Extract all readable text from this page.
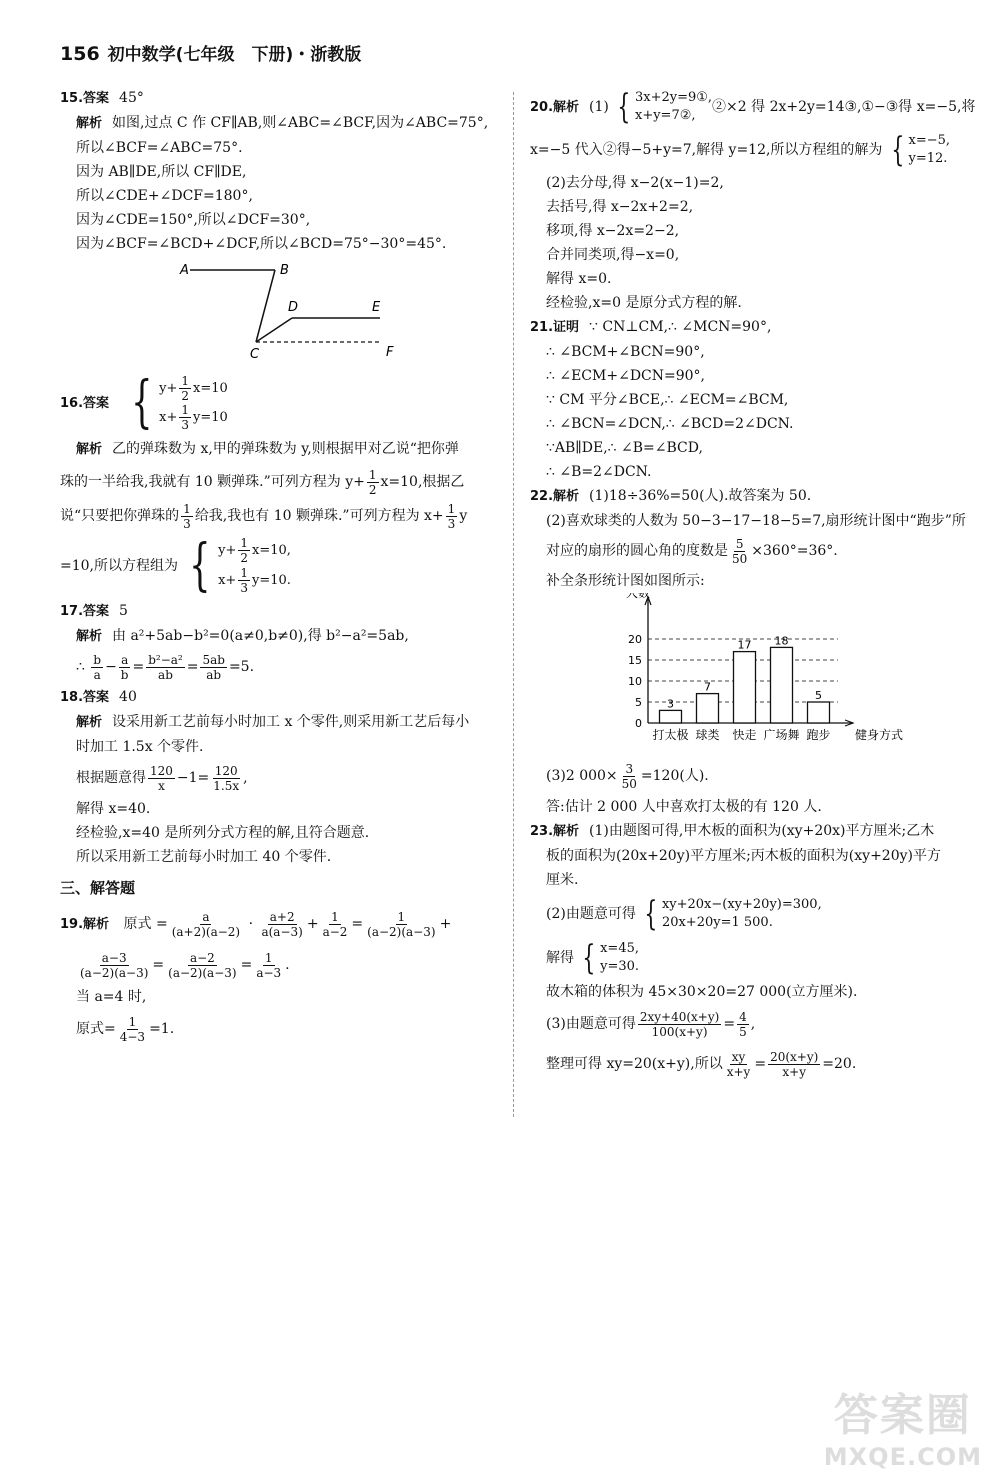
156 初中数学(七年级　下册)・浙教版
15.答案 45°
解析 如图,过点 C 作 CF∥AB,则∠ABC=∠BCF,因为∠ABC=75°,
所以∠BCF=∠ABC=75°.
因为 AB∥DE,所以 CF∥DE,
所以∠CDE+∠DCF=180°,
因为∠CDE=150°,所以∠DCF=30°,
因为∠BCF=∠BCD+∠DCF,所以∠BCD=75°−30°=45°.
A	B
C
D	E
F
16.答案 { $y+ \frac{1}{2} x=10$
$x+ \frac{1}{3} y=10$
解析 乙的弹珠数为 x,甲的弹珠数为 y,则根据甲对乙说“把你弹
珠的一半给我,我就有 10 颗弹珠.”可列方程为 $y+ \frac{1}{2} x=10$,根据乙
说“只要把你弹珠的 $\frac{1}{3}$ 给我,我也有 10 颗弹珠.”可列方程为 $x+ \frac{1}{3}$ y
=10,所以方程组为 { $y+ \frac{1}{2} x=10$,
$x+ \frac{1}{3} y=10$.
17.答案 5
解析 由 a²+5ab−b²=0(a≠0,b≠0),得 b²−a²=5ab,
∴ $\frac{b}{a} - \frac{a}{b} = \frac{\text{b²−a²}}{ab} = \frac{5ab}{ab} =5$.
18.答案 40
解析 设采用新工艺前每小时加工 x 个零件,则采用新工艺后每小
时加工 1.5x 个零件.
根据题意得 $\frac{120}{x} -1= \frac{120}{1.5x}$ ,
解得 x=40.
经检验,x=40 是所列分式方程的解,且符合题意.
所以采用新工艺前每小时加工 40 个零件.
三、解答题
19.解析 原式 = $\frac{a}{(a+2)(a-2)} \cdot \frac{a+2}{a(a-3)} + \frac{1}{a-2} = \frac{1}{(a-2)(a-3)}$ +
$\frac{a-3}{(a-2)(a-3)} = \frac{a-2}{(a-2)(a-3)} = \frac{1}{a-3}$ .
当 a=4 时,
原式= $\frac{1}{4-3} =1$.
20.解析 (1) { 3x+2y=9①,
x+y=7②,
②×2 得 2x+2y=14③,①−③得 x=−5,将
x=−5 代入②得−5+y=7,解得 y=12,所以方程组的解为 { x=−5,
y=12.
(2)去分母,得 x−2(x−1)=2,
去括号,得 x−2x+2=2,
移项,得 x−2x=2−2,
合并同类项,得−x=0,
解得 x=0.
经检验,x=0 是原分式方程的解.
21.证明 ∵ CN⊥CM,∴ ∠MCN=90°,
∴ ∠BCM+∠BCN=90°,
∴ ∠ECM+∠DCN=90°,
∵ CM 平分∠BCE,∴ ∠ECM=∠BCM,
∴ ∠BCN=∠DCN,∴ ∠BCD=2∠DCN.
∵AB∥DE,∴ ∠B=∠BCD,
∴ ∠B=2∠DCN.
22.解析 (1)18÷36%=50(人).故答案为 50.
(2)喜欢球类的人数为 50−3−17−18−5=7,扇形统计图中“跑步”所
对应的扇形的圆心角的度数是 $\frac{5}{50} \times 360^\circ=36^\circ$.
补全条形统计图如图所示:
0
5
10
15
20
人数
健身方式
3
打太极
7
球类
17
快走
18
广场舞
5
跑步
(3)2 $000\times \frac{3}{50} =120$(人).
答:估计 2 000 人中喜欢打太极的有 120 人.
23.解析 (1)由题图可得,甲木板的面积为(xy+20x)平方厘米;乙木
板的面积为(20x+20y)平方厘米;丙木板的面积为(xy+20y)平方
厘米.
(2)由题意可得 { xy+20x−(xy+20y)=300,
20x+20y=1 500.
解得 { x=45,
y=30.
故木箱的体积为 45×30×20=27 000(立方厘米).
(3)由题意可得 $\frac{2xy+40(x+y)}{100(x+y)} = \frac{4}{5}$ ,
整理可得 xy=20(x+y),所以 $\frac{xy}{x+y} = \frac{20(x+y)}{x+y} =20$.
答案圈
MXQE.COM
